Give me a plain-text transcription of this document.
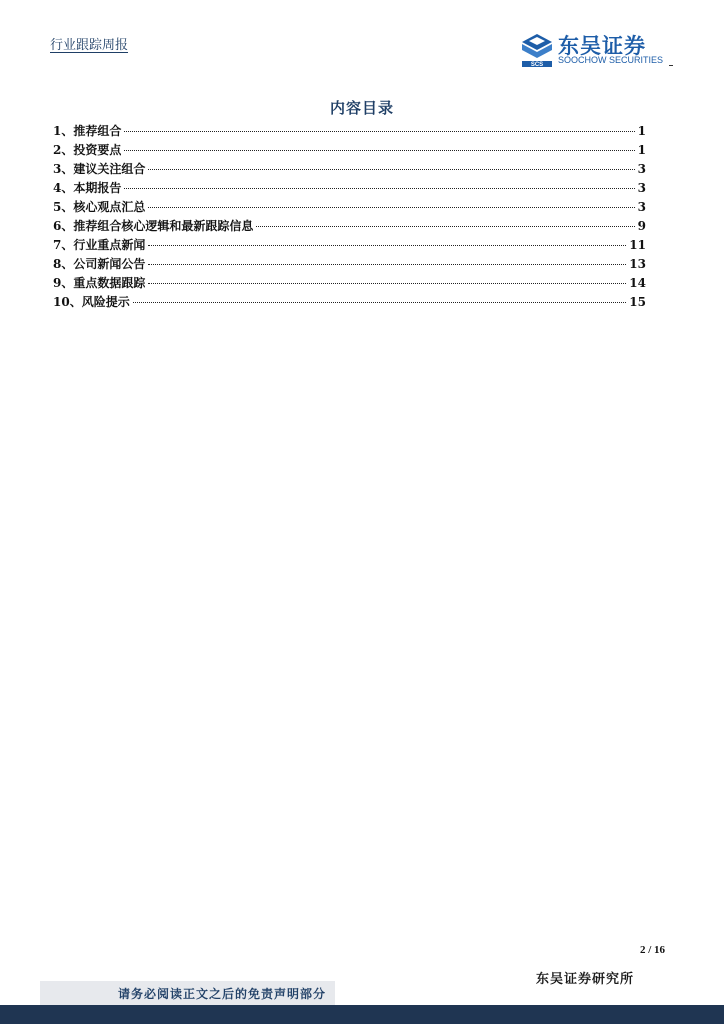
行业跟踪周报
SCS
东吴证券
SOOCHOW SECURITIES
内容目录
1、推荐组合	1
2、投资要点	1
3、建议关注组合	3
4、本期报告	3
5、核心观点汇总	3
6、推荐组合核心逻辑和最新跟踪信息	9
7、行业重点新闻	11
8、公司新闻公告	13
9、重点数据跟踪	14
10、风险提示	15
2 / 16
东吴证券研究所
请务必阅读正文之后的免责声明部分
